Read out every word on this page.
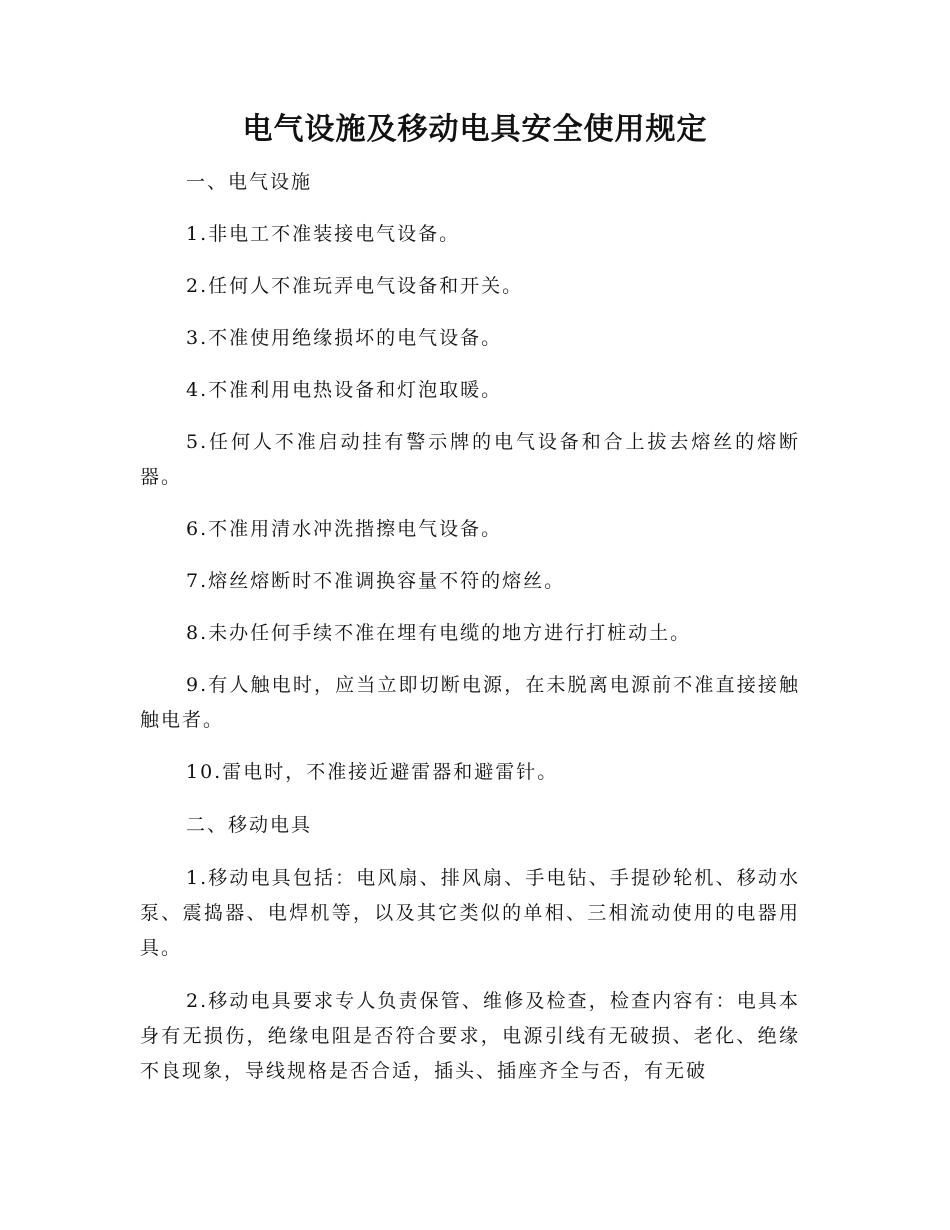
电气设施及移动电具安全使用规定

一、电气设施

1.非电工不准装接电气设备。

2.任何人不准玩弄电气设备和开关。

3.不准使用绝缘损坏的电气设备。

4.不准利用电热设备和灯泡取暖。

5.任何人不准启动挂有警示牌的电气设备和合上拔去熔丝的熔断器。

6.不准用清水冲洗揩擦电气设备。

7.熔丝熔断时不准调换容量不符的熔丝。

8.未办任何手续不准在埋有电缆的地方进行打桩动土。

9.有人触电时，应当立即切断电源，在未脱离电源前不准直接接触触电者。

10.雷电时，不准接近避雷器和避雷针。

二、移动电具

1.移动电具包括：电风扇、排风扇、手电钻、手提砂轮机、移动水泵、震捣器、电焊机等，以及其它类似的单相、三相流动使用的电器用具。

2.移动电具要求专人负责保管、维修及检查，检查内容有：电具本身有无损伤，绝缘电阻是否符合要求，电源引线有无破损、老化、绝缘不良现象，导线规格是否合适，插头、插座齐全与否，有无破
